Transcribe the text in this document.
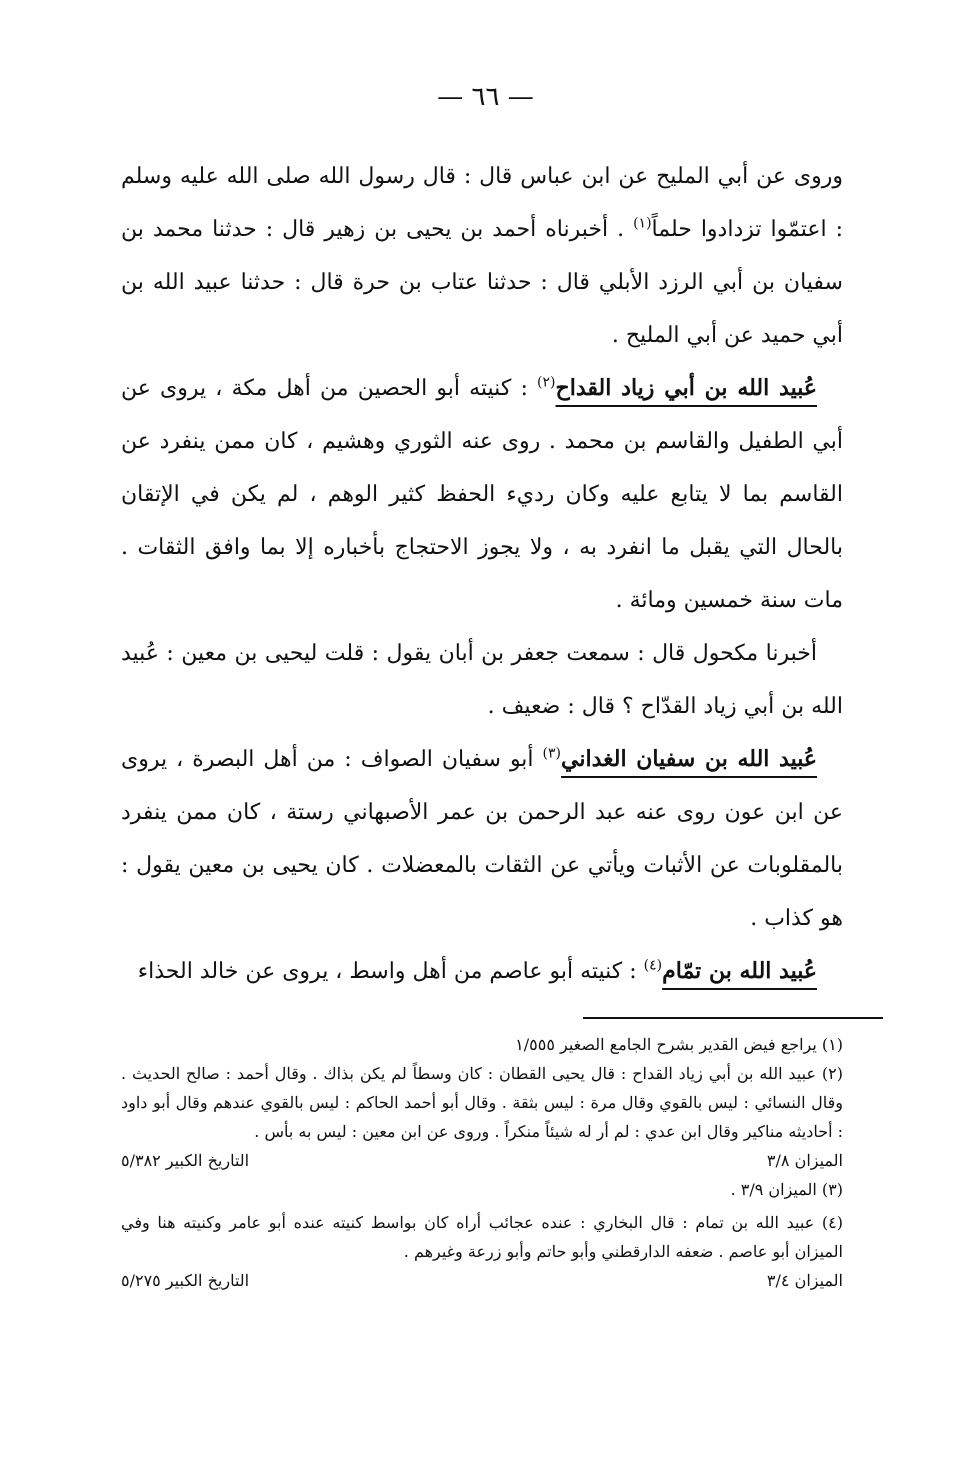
— ٦٦ —

وروى عن أبي المليح عن ابن عباس قال : قال رسول الله صلى الله عليه وسلم : اعتمّوا تزدادوا حلماً$^{(١)}$ . أخبرناه أحمد بن يحيى بن زهير قال : حدثنا محمد بن سفيان بن أبي الرزد الأبلي قال : حدثنا عتاب بن حرة قال : حدثنا عبيد الله بن أبي حميد عن أبي المليح .

عُبيد الله بن أبي زياد القداح$^{(٢)}$ : كنيته أبو الحصين من أهل مكة ، يروى عن أبي الطفيل والقاسم بن محمد . روى عنه الثوري وهشيم ، كان ممن ينفرد عن القاسم بما لا يتابع عليه وكان رديء الحفظ كثير الوهم ، لم يكن في الإتقان بالحال التي يقبل ما انفرد به ، ولا يجوز الاحتجاج بأخباره إلا بما وافق الثقات . مات سنة خمسين ومائة .

أخبرنا مكحول قال : سمعت جعفر بن أبان يقول : قلت ليحيى بن معين : عُبيد الله بن أبي زياد القدّاح ؟ قال : ضعيف .

عُبيد الله بن سفيان الغداني$^{(٣)}$ أبو سفيان الصواف : من أهل البصرة ، يروى عن ابن عون روى عنه عبد الرحمن بن عمر الأصبهاني رستة ، كان ممن ينفرد بالمقلوبات عن الأثبات ويأتي عن الثقات بالمعضلات . كان يحيى بن معين يقول : هو كذاب .

عُبيد الله بن تمّام$^{(٤)}$ : كنيته أبو عاصم من أهل واسط ، يروى عن خالد الحذاء

(١) يراجع فيض القدير بشرح الجامع الصغير ١/٥٥٥

(٢) عبيد الله بن أبي زياد القداح : قال يحيى القطان : كان وسطاً لم يكن بذاك . وقال أحمد : صالح الحديث . وقال النسائي : ليس بالقوي وقال مرة : ليس بثقة . وقال أبو أحمد الحاكم : ليس بالقوي عندهم وقال أبو داود : أحاديثه مناكير وقال ابن عدي : لم أر له شيئاً منكراً . وروى عن ابن معين : ليس به بأس .

الميزان ٣/٨
التاريخ الكبير ٥/٣٨٢

(٣) الميزان ٣/٩ .

(٤) عبيد الله بن تمام : قال البخاري : عنده عجائب أراه كان بواسط كنيته عنده أبو عامر وكنيته هنا وفي الميزان أبو عاصم . ضعفه الدارقطني وأبو حاتم وأبو زرعة وغيرهم .

الميزان ٣/٤
التاريخ الكبير ٥/٢٧٥
